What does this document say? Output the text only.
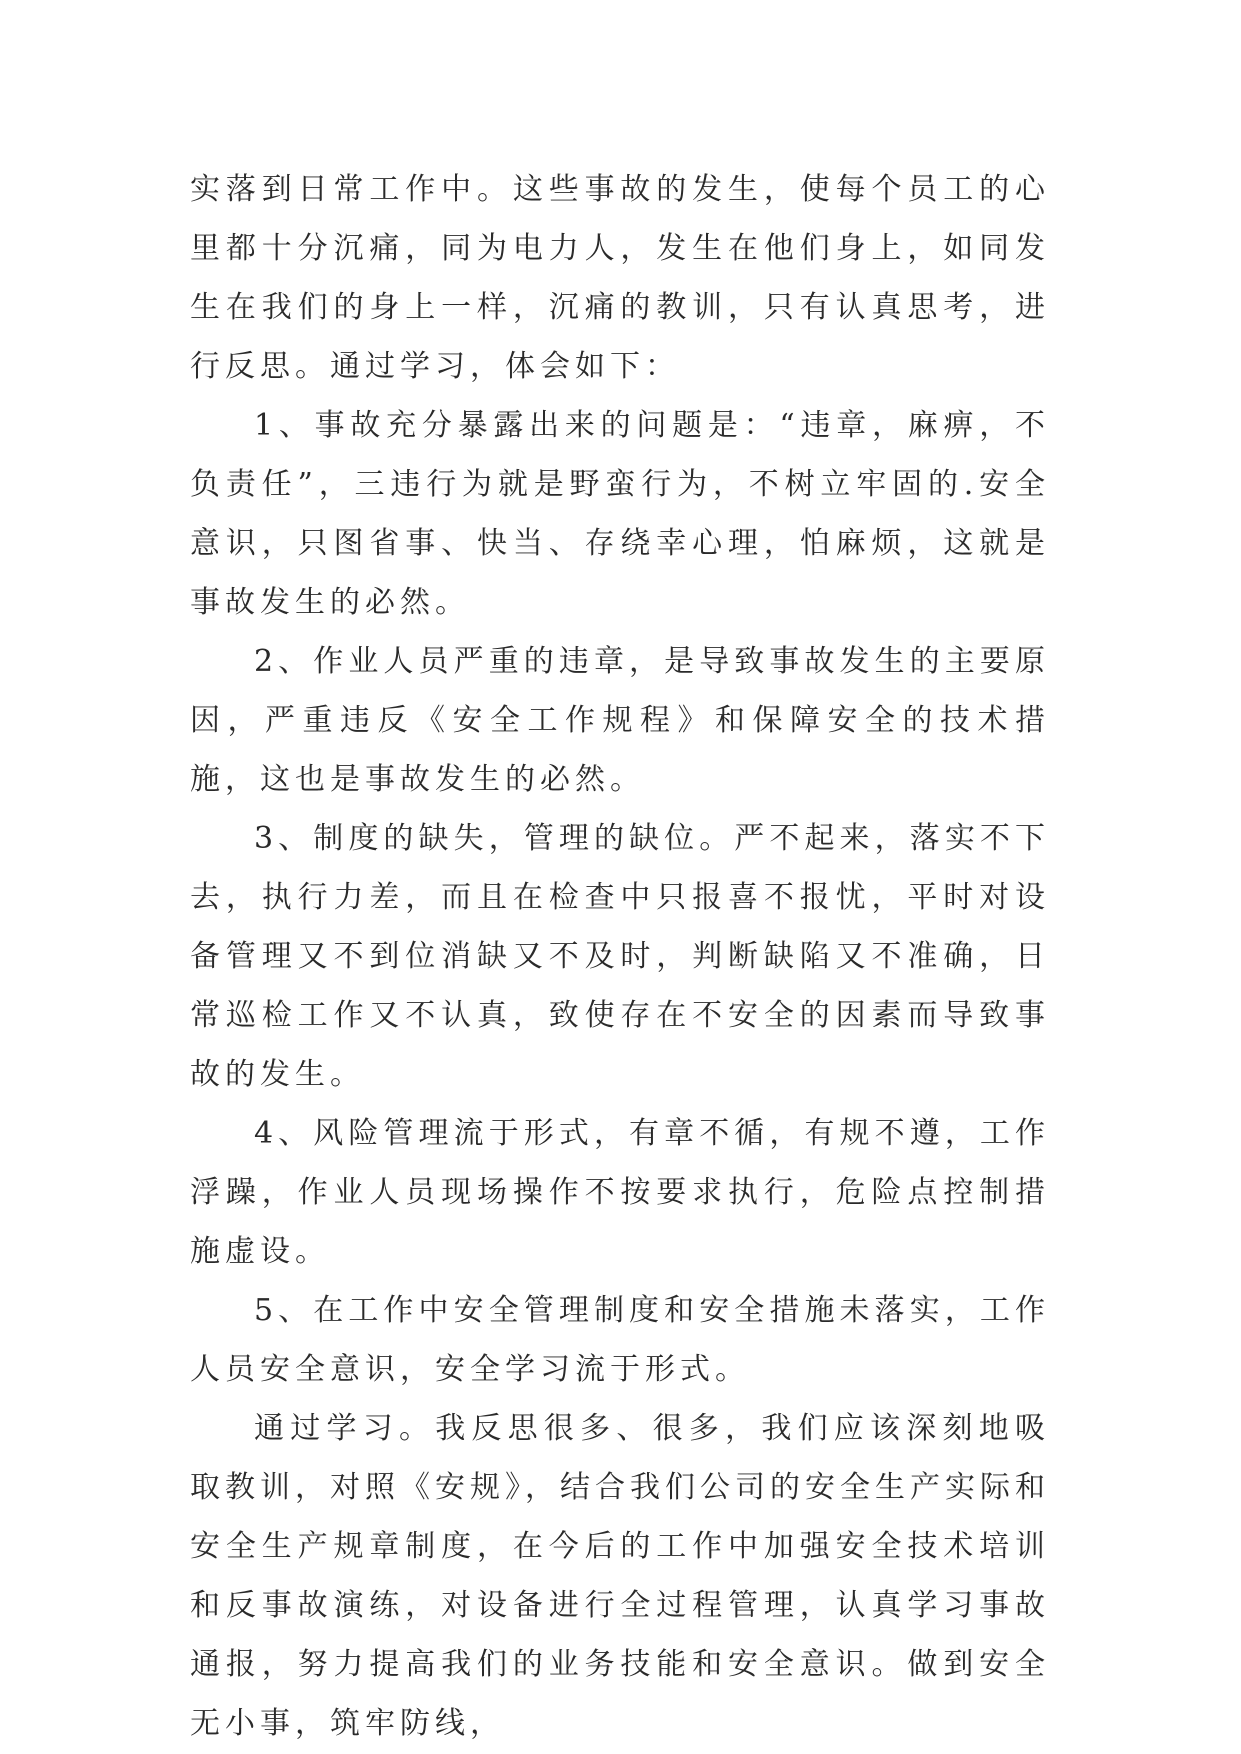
实落到日常工作中。这些事故的发生，使每个员工的心里都十分沉痛，同为电力人，发生在他们身上，如同发生在我们的身上一样，沉痛的教训，只有认真思考，进行反思。通过学习，体会如下：

1、事故充分暴露出来的问题是：“违章，麻痹，不负责任”，三违行为就是野蛮行为，不树立牢固的.安全意识，只图省事、快当、存绕幸心理，怕麻烦，这就是事故发生的必然。

2、作业人员严重的违章，是导致事故发生的主要原因，严重违反《安全工作规程》和保障安全的技术措施，这也是事故发生的必然。

3、制度的缺失，管理的缺位。严不起来，落实不下去，执行力差，而且在检查中只报喜不报忧，平时对设备管理又不到位消缺又不及时，判断缺陷又不准确，日常巡检工作又不认真，致使存在不安全的因素而导致事故的发生。

4、风险管理流于形式，有章不循，有规不遵，工作浮躁，作业人员现场操作不按要求执行，危险点控制措施虚设。

5、在工作中安全管理制度和安全措施未落实，工作人员安全意识，安全学习流于形式。

通过学习。我反思很多、很多，我们应该深刻地吸取教训，对照《安规》，结合我们公司的安全生产实际和安全生产规章制度，在今后的工作中加强安全技术培训和反事故演练，对设备进行全过程管理，认真学习事故通报，努力提高我们的业务技能和安全意识。做到安全无小事，筑牢防线，
